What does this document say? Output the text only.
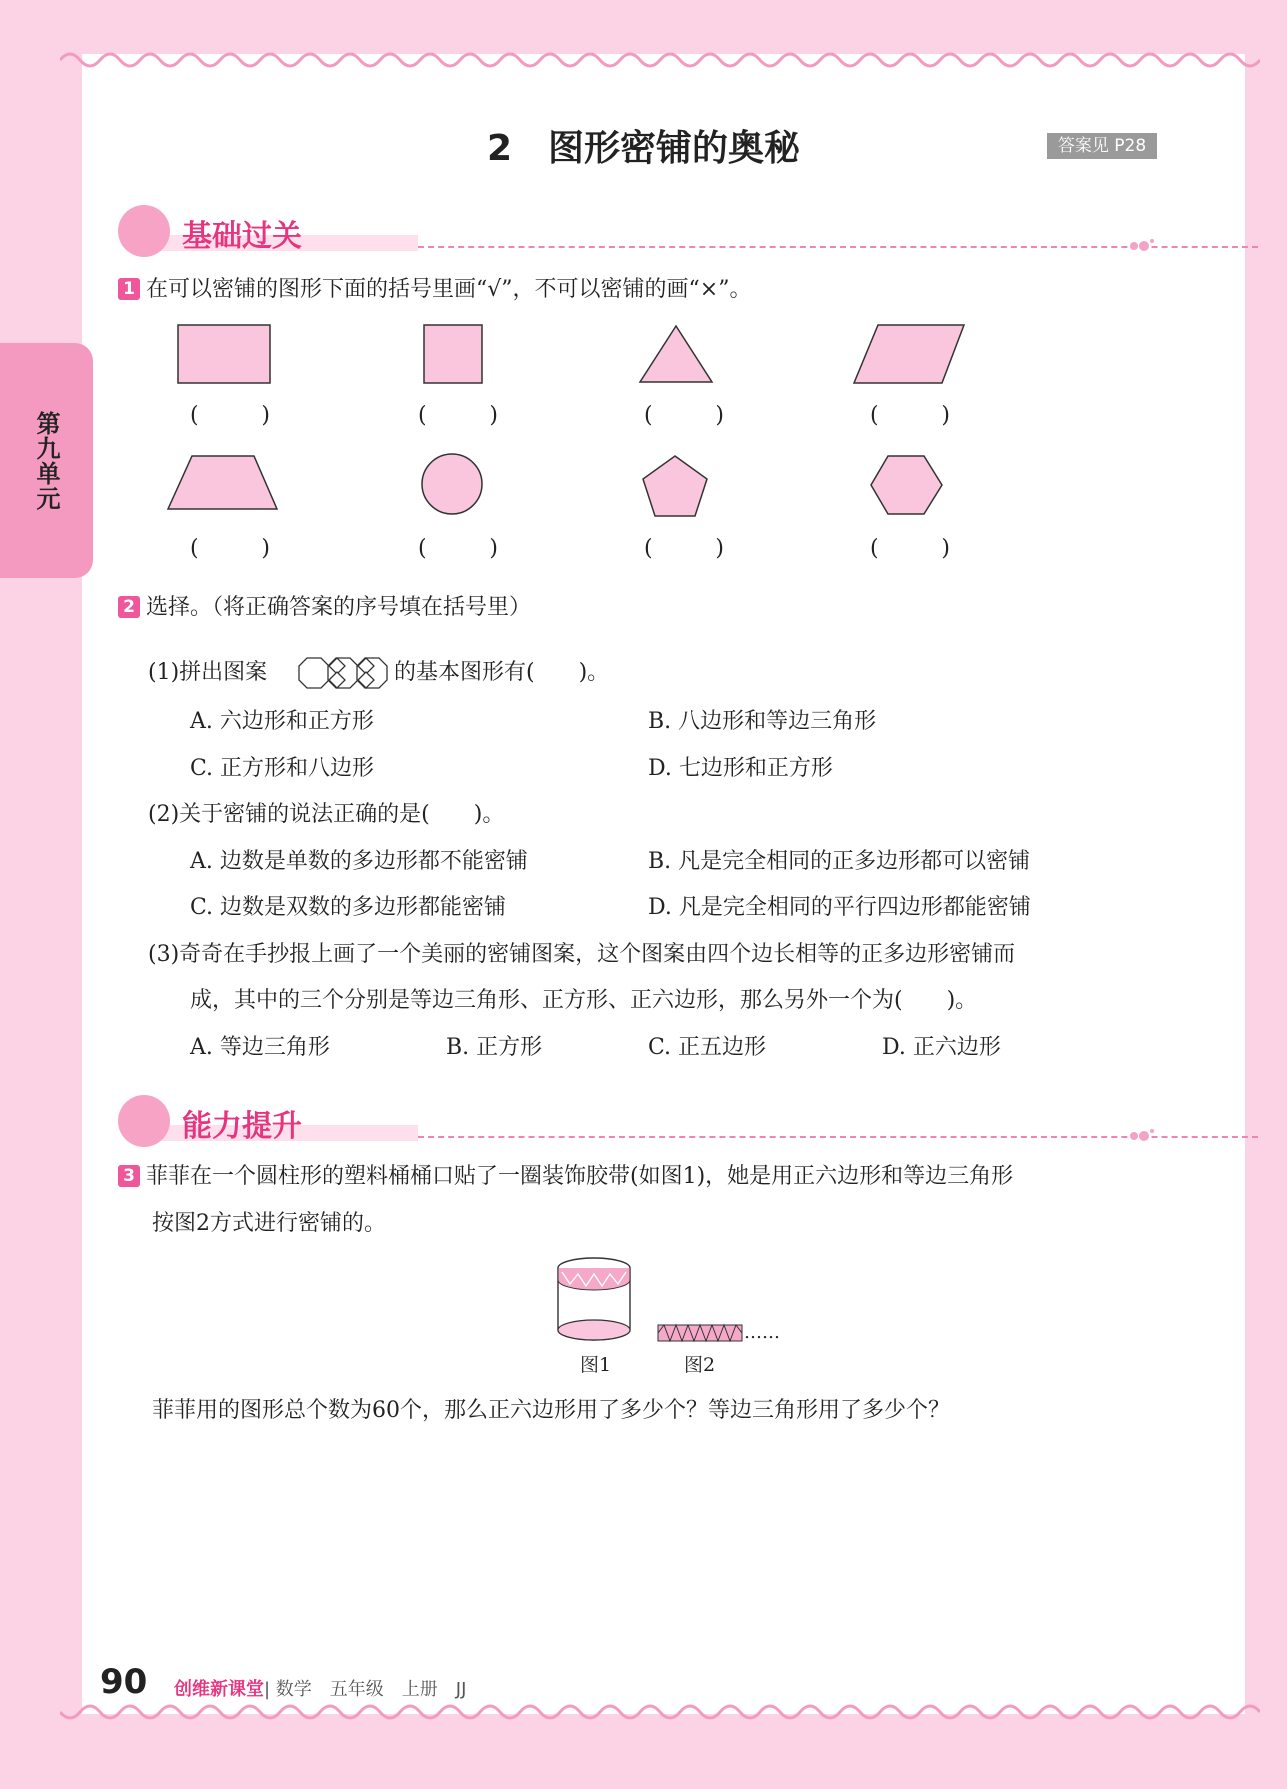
第九单元
2　图形密铺的奥秘	答案见 P28
基础过关
1 在可以密铺的图形下面的括号里画“√”，不可以密铺的画“×”。
(	)	(	)	(	)	(	)
(	)	(	)	(	)	(	)
2 选择。（将正确答案的序号填在括号里）
(1)拼出图案	的基本图形有(　　)。
A. 六边形和正方形	B. 八边形和等边三角形
C. 正方形和八边形	D. 七边形和正方形
(2)关于密铺的说法正确的是(　　)。
A. 边数是单数的多边形都不能密铺	B. 凡是完全相同的正多边形都可以密铺
C. 边数是双数的多边形都能密铺	D. 凡是完全相同的平行四边形都能密铺
(3)奇奇在手抄报上画了一个美丽的密铺图案，这个图案由四个边长相等的正多边形密铺而
成，其中的三个分别是等边三角形、正方形、正六边形，那么另外一个为(　　)。
A. 等边三角形	B. 正方形	C. 正五边形	D. 正六边形
能力提升
3 菲菲在一个圆柱形的塑料桶桶口贴了一圈装饰胶带(如图1)，她是用正六边形和等边三角形
按图2方式进行密铺的。
……
图1	图2
菲菲用的图形总个数为60个，那么正六边形用了多少个？等边三角形用了多少个？
90 创维新课堂| 数学　五年级　上册　JJ
